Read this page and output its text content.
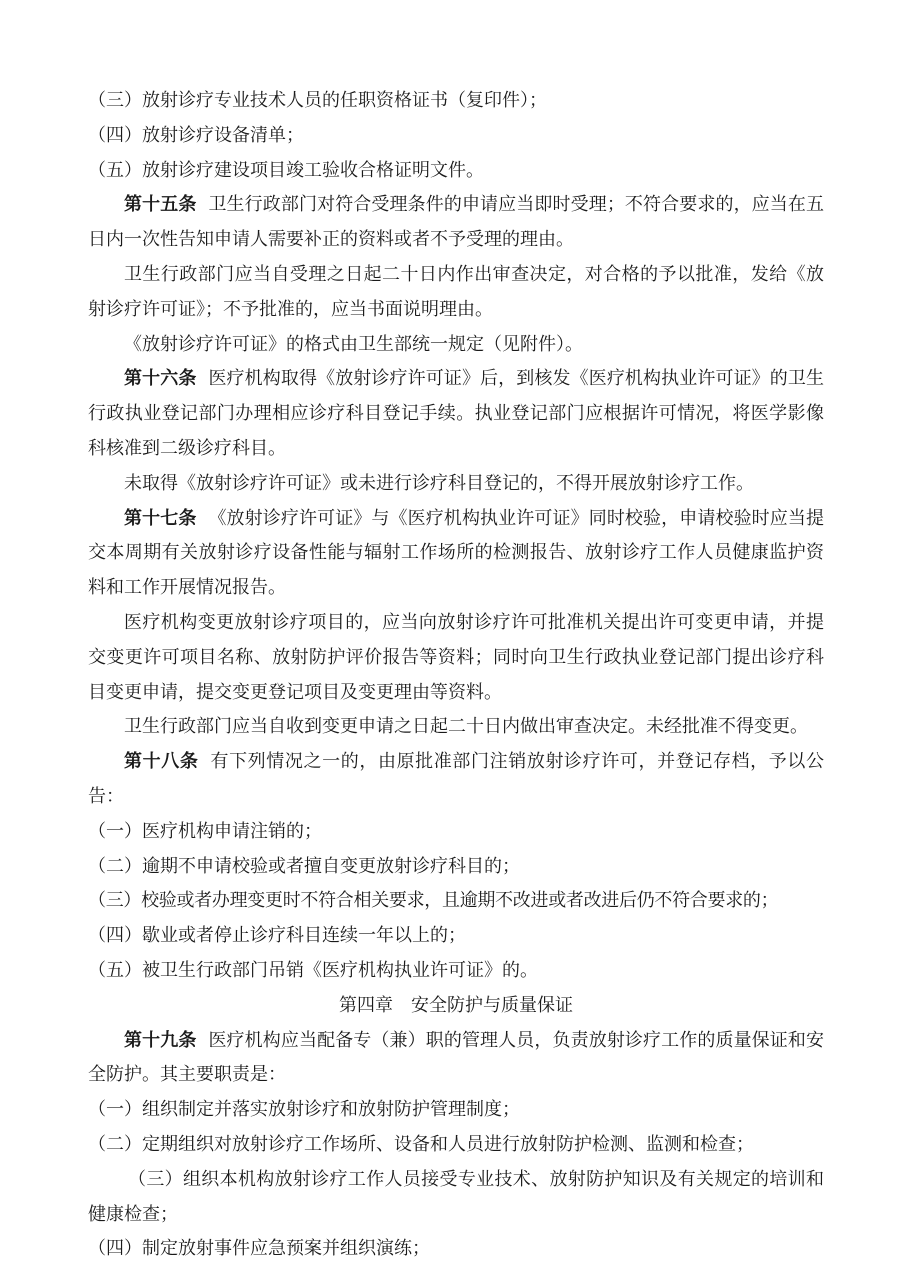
（三）放射诊疗专业技术人员的任职资格证书（复印件）；

（四）放射诊疗设备清单；

（五）放射诊疗建设项目竣工验收合格证明文件。

第十五条 卫生行政部门对符合受理条件的申请应当即时受理；不符合要求的，应当在五日内一次性告知申请人需要补正的资料或者不予受理的理由。

卫生行政部门应当自受理之日起二十日内作出审查决定，对合格的予以批准，发给《放射诊疗许可证》；不予批准的，应当书面说明理由。

《放射诊疗许可证》的格式由卫生部统一规定（见附件）。

第十六条 医疗机构取得《放射诊疗许可证》后，到核发《医疗机构执业许可证》的卫生行政执业登记部门办理相应诊疗科目登记手续。执业登记部门应根据许可情况，将医学影像科核准到二级诊疗科目。

未取得《放射诊疗许可证》或未进行诊疗科目登记的，不得开展放射诊疗工作。

第十七条 《放射诊疗许可证》与《医疗机构执业许可证》同时校验，申请校验时应当提交本周期有关放射诊疗设备性能与辐射工作场所的检测报告、放射诊疗工作人员健康监护资料和工作开展情况报告。

医疗机构变更放射诊疗项目的，应当向放射诊疗许可批准机关提出许可变更申请，并提交变更许可项目名称、放射防护评价报告等资料；同时向卫生行政执业登记部门提出诊疗科目变更申请，提交变更登记项目及变更理由等资料。

卫生行政部门应当自收到变更申请之日起二十日内做出审查决定。未经批准不得变更。

第十八条 有下列情况之一的，由原批准部门注销放射诊疗许可，并登记存档，予以公告：

（一）医疗机构申请注销的；

（二）逾期不申请校验或者擅自变更放射诊疗科目的；

（三）校验或者办理变更时不符合相关要求，且逾期不改进或者改进后仍不符合要求的；

（四）歇业或者停止诊疗科目连续一年以上的；

（五）被卫生行政部门吊销《医疗机构执业许可证》的。

第四章　安全防护与质量保证

第十九条 医疗机构应当配备专（兼）职的管理人员，负责放射诊疗工作的质量保证和安全防护。其主要职责是：

（一）组织制定并落实放射诊疗和放射防护管理制度；

（二）定期组织对放射诊疗工作场所、设备和人员进行放射防护检测、监测和检查；

（三）组织本机构放射诊疗工作人员接受专业技术、放射防护知识及有关规定的培训和健康检查；

（四）制定放射事件应急预案并组织演练；
